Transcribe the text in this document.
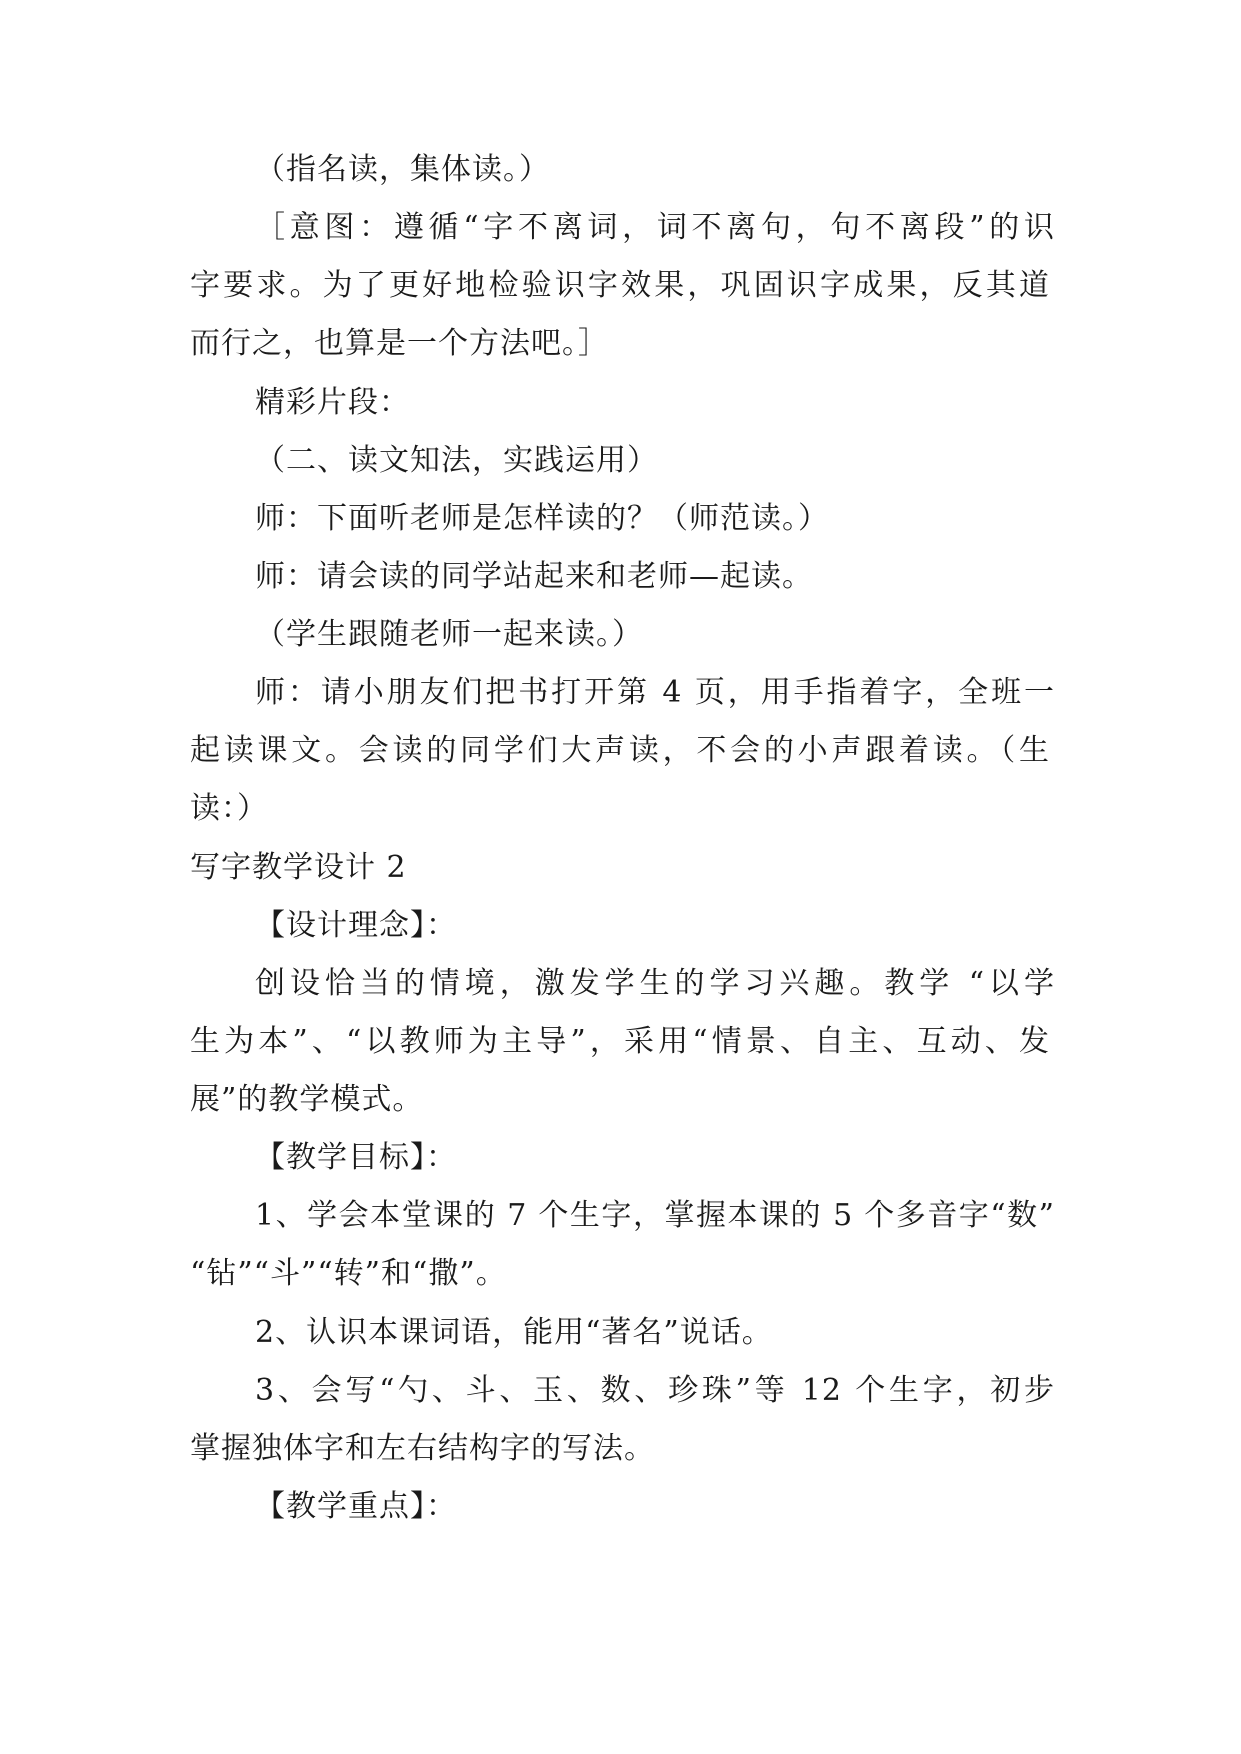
（指名读，集体读。）
［意图：遵循“字不离词，词不离句，句不离段”的识
字要求。为了更好地检验识字效果，巩固识字成果，反其道
而行之，也算是一个方法吧。］
精彩片段：
（二、读文知法，实践运用）
师：下面听老师是怎样读的？（师范读。）
师：请会读的同学站起来和老师—起读。
（学生跟随老师一起来读。）
师：请小朋友们把书打开第 4 页，用手指着字，全班一
起读课文。会读的同学们大声读，不会的小声跟着读。（生
读：）
写字教学设计 2
【设计理念】：
创设恰当的情境，激发学生的学习兴趣。教学 “以学
生为本”、“以教师为主导”，采用“情景、自主、互动、发
展”的教学模式。
【教学目标】：
1、学会本堂课的 7 个生字，掌握本课的 5 个多音字“数”
“钻”“斗”“转”和“撒”。
2、认识本课词语，能用“著名”说话。
3、会写“勺、斗、玉、数、珍珠”等 12 个生字，初步
掌握独体字和左右结构字的写法。
【教学重点】：
